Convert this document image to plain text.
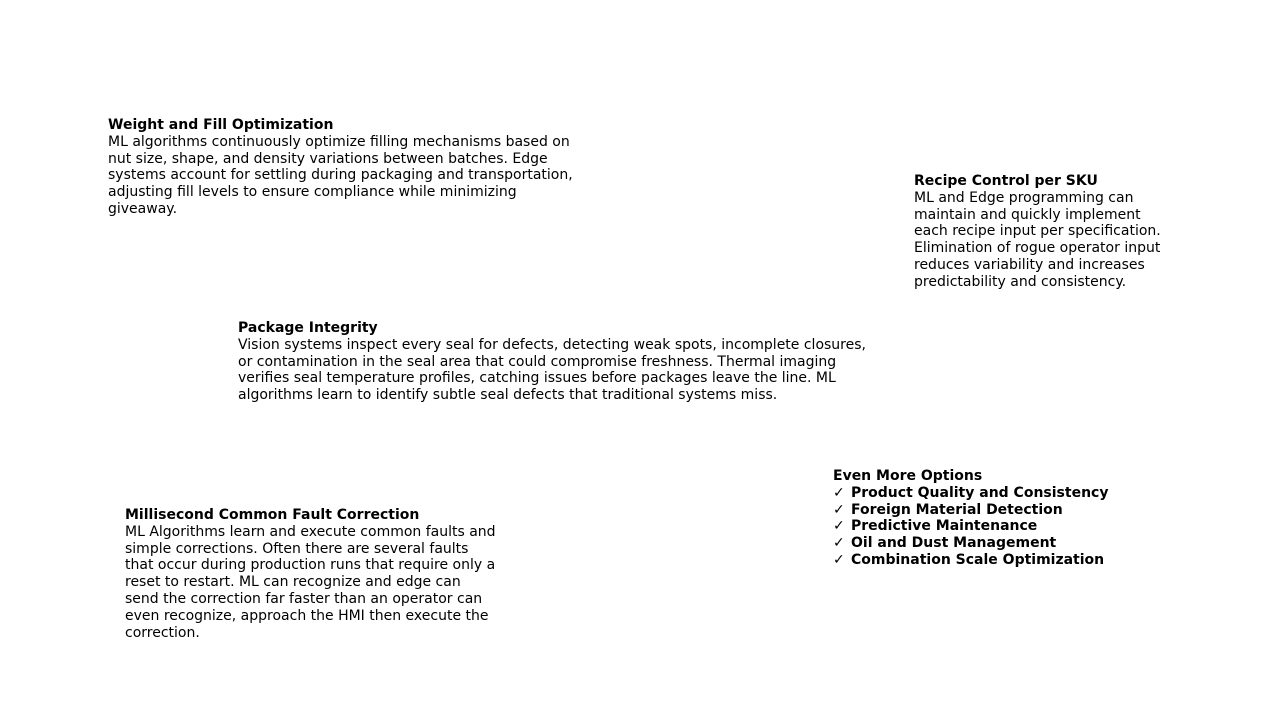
Weight and Fill Optimization

ML algorithms continuously optimize filling mechanisms based on
nut size, shape, and density variations between batches. Edge
systems account for settling during packaging and transportation,
adjusting fill levels to ensure compliance while minimizing
giveaway.

Recipe Control per SKU

ML and Edge programming can
maintain and quickly implement
each recipe input per specification.
Elimination of rogue operator input
reduces variability and increases
predictability and consistency.

Package Integrity

Vision systems inspect every seal for defects, detecting weak spots, incomplete closures,
or contamination in the seal area that could compromise freshness. Thermal imaging
verifies seal temperature profiles, catching issues before packages leave the line. ML
algorithms learn to identify subtle seal defects that traditional systems miss.

Millisecond Common Fault Correction

ML Algorithms learn and execute common faults and
simple corrections. Often there are several faults
that occur during production runs that require only a
reset to restart. ML can recognize and edge can
send the correction far faster than an operator can
even recognize, approach the HMI then execute the
correction.

Even More Options
✓ Product Quality and Consistency
✓ Foreign Material Detection
✓ Predictive Maintenance
✓ Oil and Dust Management
✓ Combination Scale Optimization
